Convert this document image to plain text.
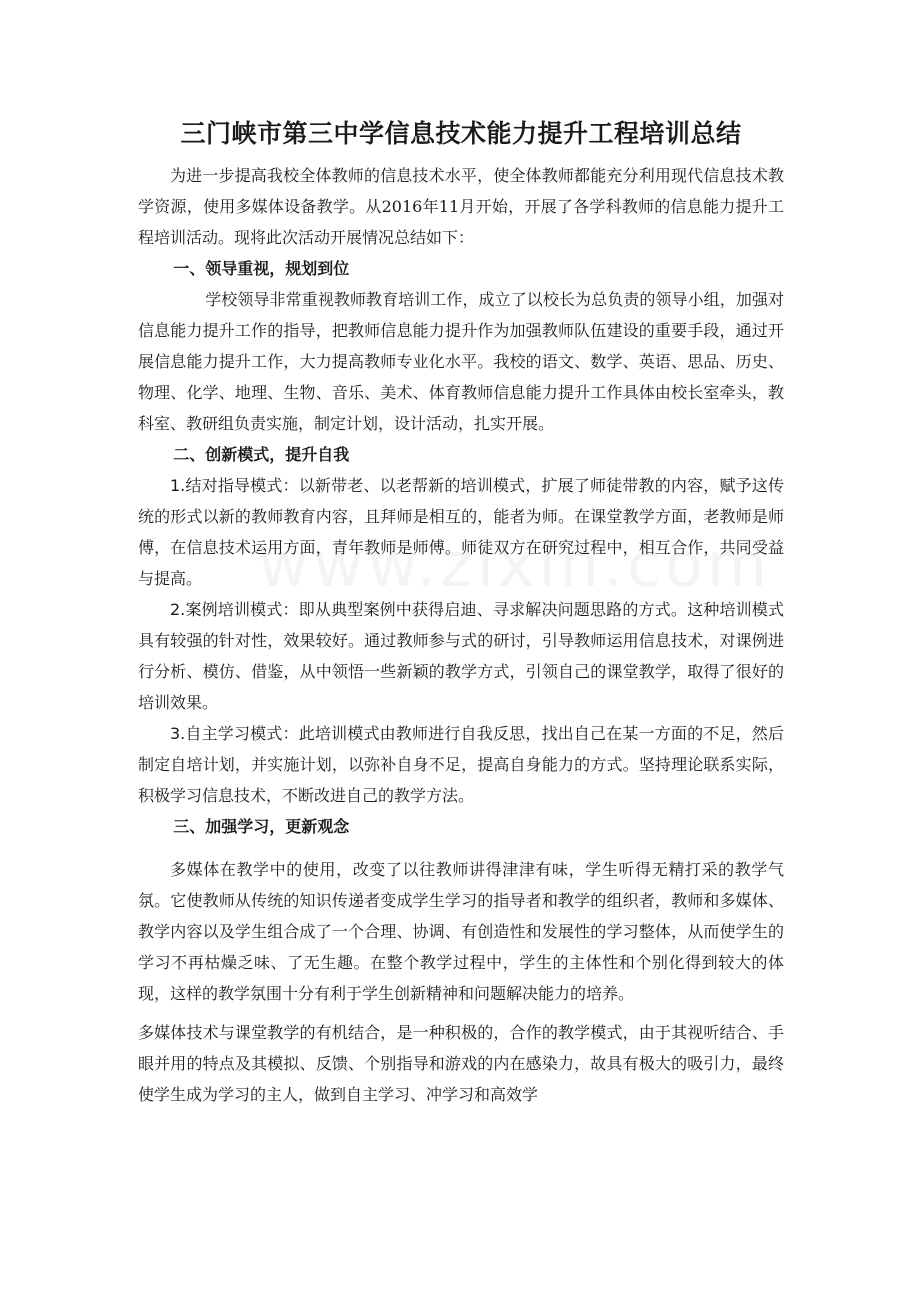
三门峡市第三中学信息技术能力提升工程培训总结

为进一步提高我校全体教师的信息技术水平，使全体教师都能充分利用现代信息技术教学资源，使用多媒体设备教学。从2016年11月开始，开展了各学科教师的信息能力提升工程培训活动。现将此次活动开展情况总结如下：

一、领导重视，规划到位

学校领导非常重视教师教育培训工作，成立了以校长为总负责的领导小组，加强对信息能力提升工作的指导，把教师信息能力提升作为加强教师队伍建设的重要手段，通过开展信息能力提升工作，大力提高教师专业化水平。我校的语文、数学、英语、思品、历史、物理、化学、地理、生物、音乐、美术、体育教师信息能力提升工作具体由校长室牵头，教科室、教研组负责实施，制定计划，设计活动，扎实开展。

二、创新模式，提升自我

1.结对指导模式：以新带老、以老帮新的培训模式，扩展了师徒带教的内容，赋予这传统的形式以新的教师教育内容，且拜师是相互的，能者为师。在课堂教学方面，老教师是师傅，在信息技术运用方面，青年教师是师傅。师徒双方在研究过程中，相互合作，共同受益与提高。

2.案例培训模式：即从典型案例中获得启迪、寻求解决问题思路的方式。这种培训模式具有较强的针对性，效果较好。通过教师参与式的研讨，引导教师运用信息技术，对课例进行分析、模仿、借鉴，从中领悟一些新颖的教学方式，引领自己的课堂教学，取得了很好的培训效果。

3.自主学习模式：此培训模式由教师进行自我反思，找出自己在某一方面的不足，然后制定自培计划，并实施计划，以弥补自身不足，提高自身能力的方式。坚持理论联系实际，积极学习信息技术，不断改进自己的教学方法。

三、加强学习，更新观念

多媒体在教学中的使用，改变了以往教师讲得津津有味，学生听得无精打采的教学气氛。它使教师从传统的知识传递者变成学生学习的指导者和教学的组织者，教师和多媒体、教学内容以及学生组合成了一个合理、协调、有创造性和发展性的学习整体，从而使学生的学习不再枯燥乏味、了无生趣。在整个教学过程中，学生的主体性和个别化得到较大的体现，这样的教学氛围十分有利于学生创新精神和问题解决能力的培养。

多媒体技术与课堂教学的有机结合，是一种积极的，合作的教学模式，由于其视听结合、手眼并用的特点及其模拟、反馈、个别指导和游戏的内在感染力，故具有极大的吸引力，最终使学生成为学习的主人，做到自主学习、冲学习和高效学
